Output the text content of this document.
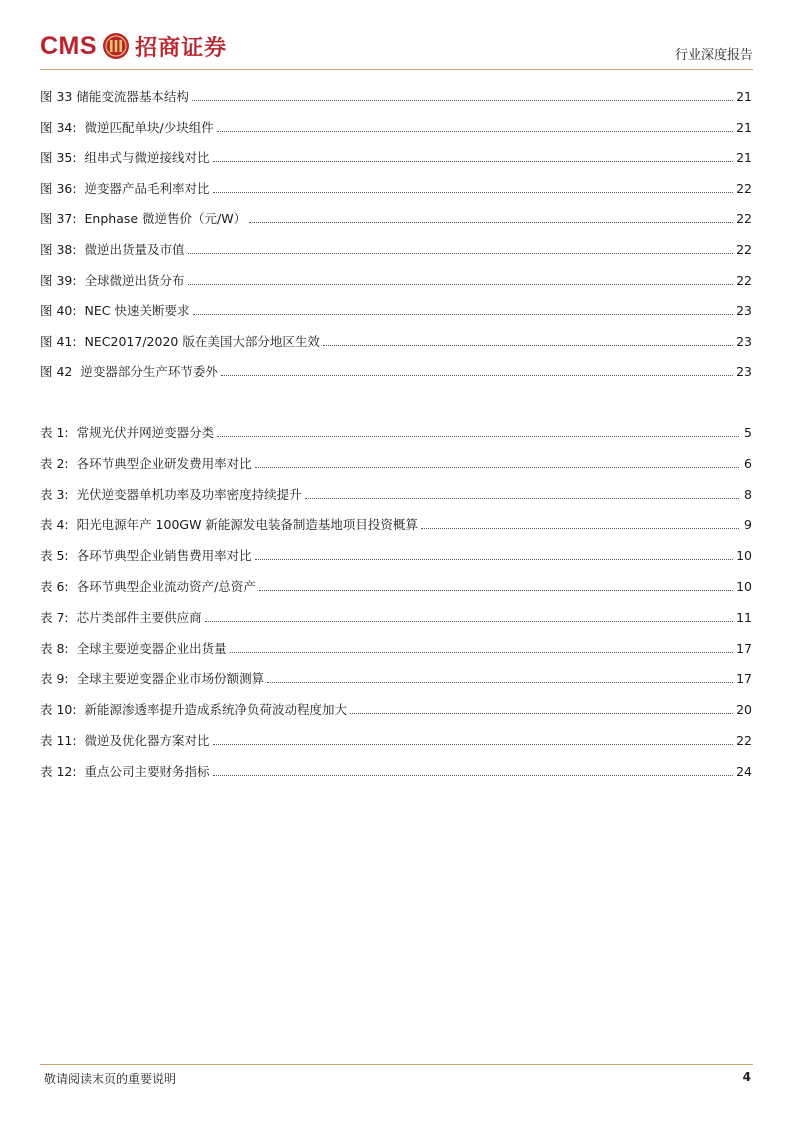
CMS 招商证券	行业深度报告
图 33 储能变流器基本结构	21
图 34:  微逆匹配单块/少块组件	21
图 35:  组串式与微逆接线对比	21
图 36:  逆变器产品毛利率对比	22
图 37:  Enphase 微逆售价（元/W）	22
图 38:  微逆出货量及市值	22
图 39:  全球微逆出货分布	22
图 40:  NEC 快速关断要求	23
图 41:  NEC2017/2020 版在美国大部分地区生效	23
图 42  逆变器部分生产环节委外	23
表 1:  常规光伏并网逆变器分类	5
表 2:  各环节典型企业研发费用率对比	6
表 3:  光伏逆变器单机功率及功率密度持续提升	8
表 4:  阳光电源年产 100GW 新能源发电装备制造基地项目投资概算	9
表 5:  各环节典型企业销售费用率对比	10
表 6:  各环节典型企业流动资产/总资产	10
表 7:  芯片类部件主要供应商	11
表 8:  全球主要逆变器企业出货量	17
表 9:  全球主要逆变器企业市场份额测算	17
表 10:  新能源渗透率提升造成系统净负荷波动程度加大	20
表 11:  微逆及优化器方案对比	22
表 12:  重点公司主要财务指标	24
敬请阅读末页的重要说明	4
